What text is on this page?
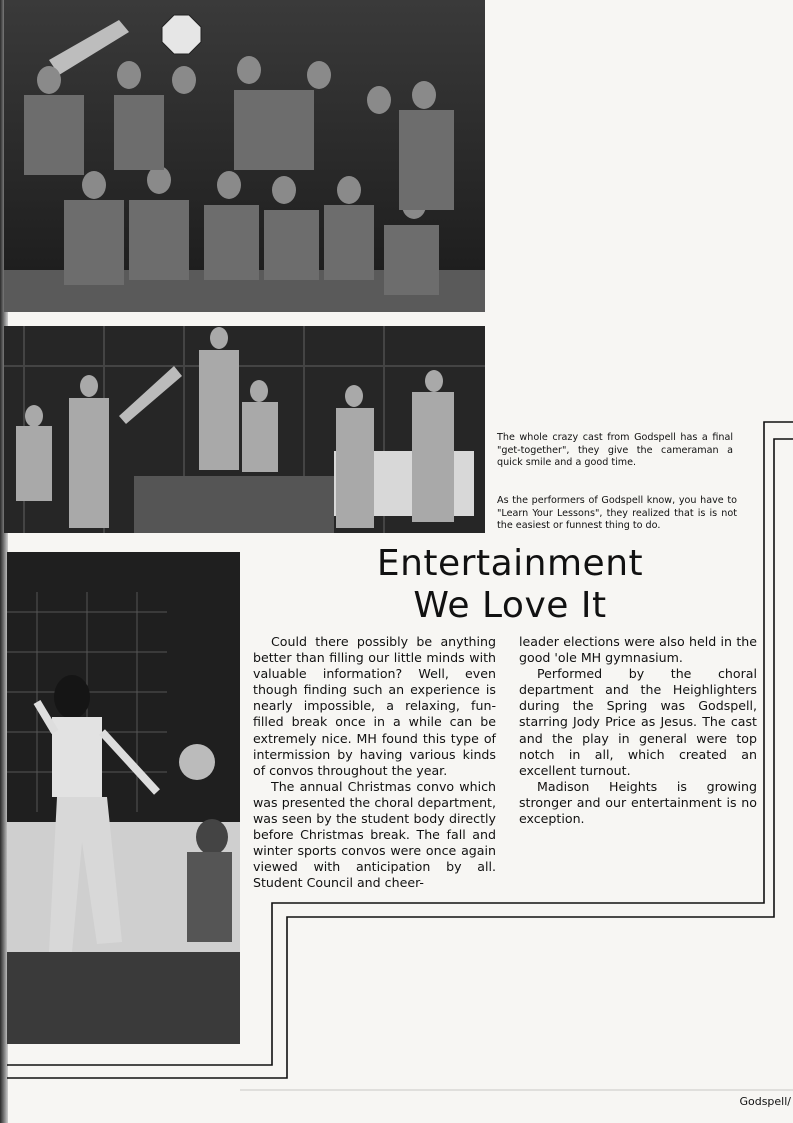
The whole crazy cast from Godspell has a final "get-together", they give the cameraman a quick smile and a good time.

As the performers of Godspell know, you have to "Learn Your Lessons", they realized that is is not the easiest or funnest thing to do.

Entertainment
We Love It

Could there possibly be anything better than filling our little minds with valuable information? Well, even though finding such an experience is nearly impossible, a relaxing, fun-filled break once in a while can be extremely nice. MH found this type of intermission by having various kinds of convos throughout the year.

The annual Christmas convo which was presented the choral department, was seen by the student body directly before Christmas break. The fall and winter sports convos were once again viewed with anticipation by all. Student Council and cheer-

leader elections were also held in the good 'ole MH gymnasium.

Performed by the choral department and the Heighlighters during the Spring was Godspell, starring Jody Price as Jesus. The cast and the play in general were top notch in all, which created an excellent turnout.

Madison Heights is growing stronger and our entertainment is no exception.

Godspell/
